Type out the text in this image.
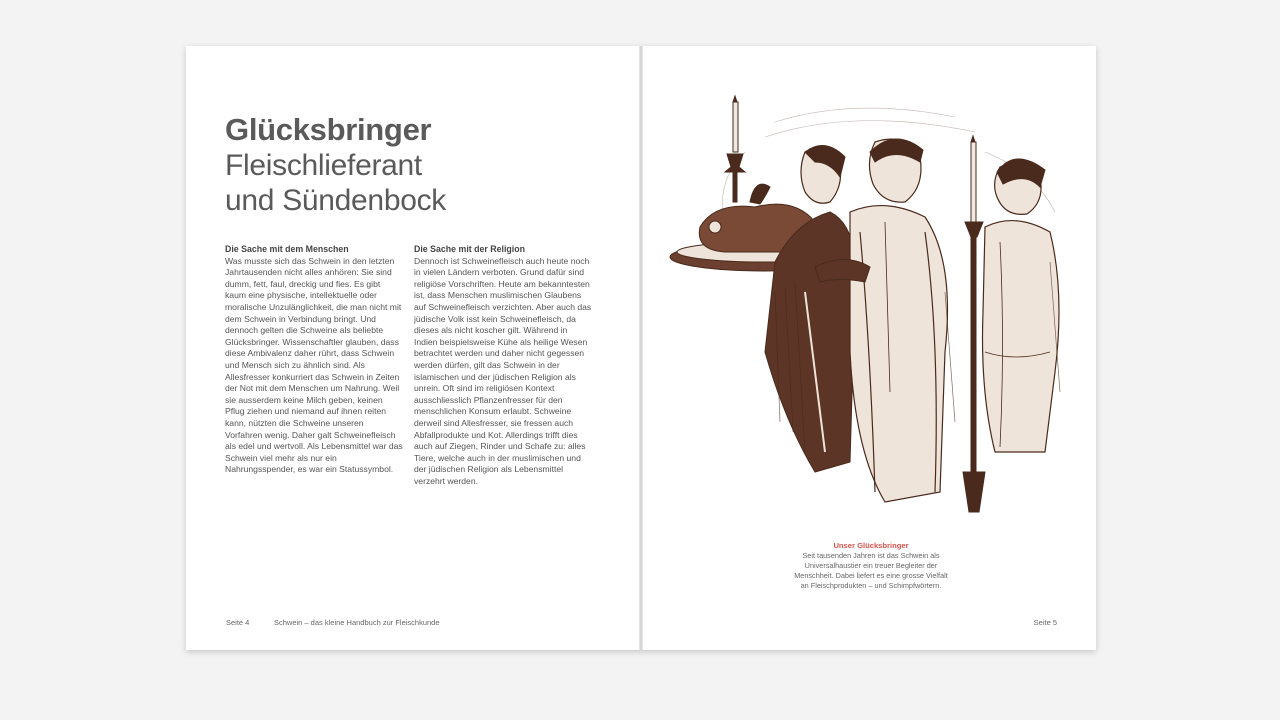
Glücksbringer
Fleischlieferant
und Sündenbock
Die Sache mit dem Menschen

Was musste sich das Schwein in den letzten Jahrtausenden nicht alles anhören: Sie sind dumm, fett, faul, dreckig und fies. Es gibt kaum eine physische, intellektuelle oder moralische Unzulänglichkeit, die man nicht mit dem Schwein in Verbindung bringt. Und dennoch gelten die Schweine als beliebte Glücksbringer. Wissenschaftler glauben, dass diese Ambivalenz daher rührt, dass Schwein und Mensch sich zu ähnlich sind. Als Allesfresser konkurriert das Schwein in Zeiten der Not mit dem Menschen um Nahrung. Weil sie ausserdem keine Milch geben, keinen Pflug ziehen und niemand auf ihnen reiten kann, nützten die Schweine unseren Vorfahren wenig. Daher galt Schweinefleisch als edel und wertvoll. Als Lebensmittel war das Schwein viel mehr als nur ein Nahrungsspender, es war ein Statussymbol.

Die Sache mit der Religion

Dennoch ist Schweinefleisch auch heute noch in vielen Ländern verboten. Grund dafür sind religiöse Vorschriften. Heute am bekanntesten ist, dass Menschen muslimischen Glaubens auf Schweinefleisch verzichten. Aber auch das jüdische Volk isst kein Schweinefleisch, da dieses als nicht koscher gilt. Während in Indien beispielsweise Kühe als heilige Wesen betrachtet werden und daher nicht gegessen werden dürfen, gilt das Schwein in der islamischen und der jüdischen Religion als unrein. Oft sind im religiösen Kontext ausschliesslich Pflanzenfresser für den menschlichen Konsum erlaubt. Schweine derweil sind Allesfresser, sie fressen auch Abfallprodukte und Kot. Allerdings trifft dies auch auf Ziegen, Rinder und Schafe zu: alles Tiere, welche auch in der muslimischen und der jüdischen Religion als Lebensmittel verzehrt werden.

Seite 4	Schwein – das kleine Handbuch zur Fleischkunde
Unser Glücksbringer
Seit tausenden Jahren ist das Schwein als Universalhaustier ein treuer Begleiter der Menschheit. Dabei liefert es eine grosse Vielfalt an Fleischprodukten – und Schimpfwörtern.
Seite 5
